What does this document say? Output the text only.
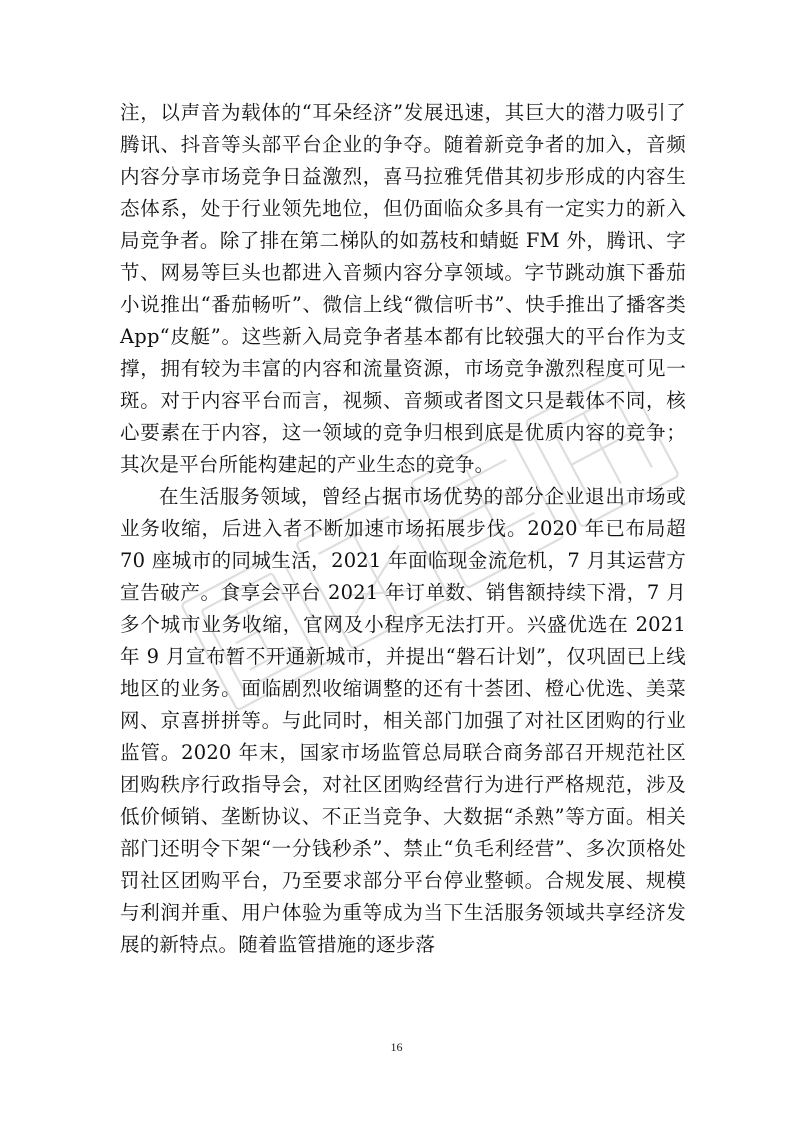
注，以声音为载体的“耳朵经济”发展迅速，其巨大的潜力吸引了腾讯、抖音等头部平台企业的争夺。随着新竞争者的加入，音频内容分享市场竞争日益激烈，喜马拉雅凭借其初步形成的内容生态体系，处于行业领先地位，但仍面临众多具有一定实力的新入局竞争者。除了排在第二梯队的如荔枝和蜻蜓 FM 外，腾讯、字节、网易等巨头也都进入音频内容分享领域。字节跳动旗下番茄小说推出“番茄畅听”、微信上线“微信听书”、快手推出了播客类 App“皮艇”。这些新入局竞争者基本都有比较强大的平台作为支撑，拥有较为丰富的内容和流量资源，市场竞争激烈程度可见一斑。对于内容平台而言，视频、音频或者图文只是载体不同，核心要素在于内容，这一领域的竞争归根到底是优质内容的竞争；其次是平台所能构建起的产业生态的竞争。

在生活服务领域，曾经占据市场优势的部分企业退出市场或业务收缩，后进入者不断加速市场拓展步伐。2020 年已布局超 70 座城市的同城生活，2021 年面临现金流危机，7 月其运营方宣告破产。食享会平台 2021 年订单数、销售额持续下滑，7 月多个城市业务收缩，官网及小程序无法打开。兴盛优选在 2021 年 9 月宣布暂不开通新城市，并提出“磐石计划”，仅巩固已上线地区的业务。面临剧烈收缩调整的还有十荟团、橙心优选、美菜网、京喜拼拼等。与此同时，相关部门加强了对社区团购的行业监管。2020 年末，国家市场监管总局联合商务部召开规范社区团购秩序行政指导会，对社区团购经营行为进行严格规范，涉及低价倾销、垄断协议、不正当竞争、大数据“杀熟”等方面。相关部门还明令下架“一分钱秒杀”、禁止“负毛利经营”、多次顶格处罚社区团购平台，乃至要求部分平台停业整顿。合规发展、规模与利润并重、用户体验为重等成为当下生活服务领域共享经济发展的新特点。随着监管措施的逐步落

16
